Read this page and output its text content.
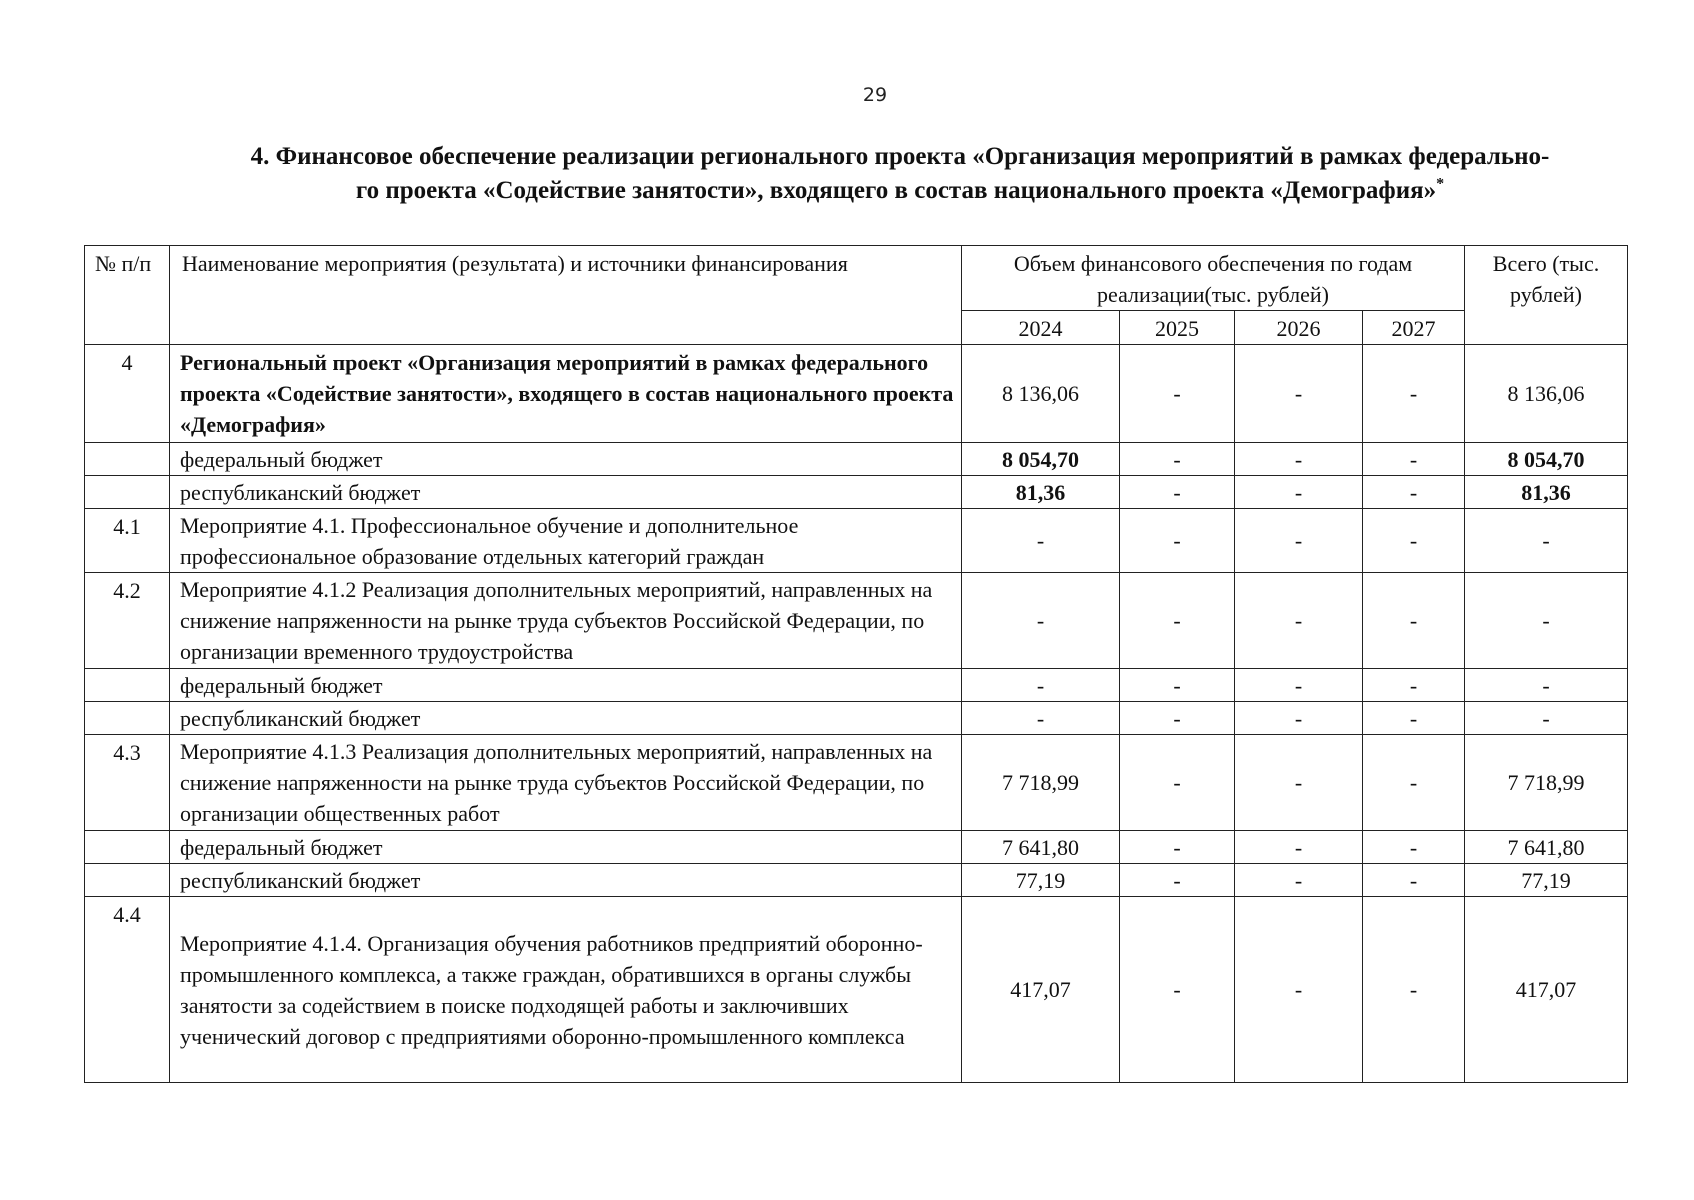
29
4. Финансовое обеспечение реализации регионального проекта «Организация мероприятий в рамках федерально-
го проекта «Содействие занятости», входящего в состав национального проекта «Демография»*
№ п/п	Наименование мероприятия (результата) и источники финансирования	Объем финансового обеспечения по годам реализации(тыс. рублей)				Всего (тыс. рублей)
		2024	2025	2026	2027	
4	Региональный проект «Организация мероприятий в рамках федерального проекта «Содействие занятости», входящего в состав национального проекта «Демография»	8 136,06	-	-	-	8 136,06
	федеральный бюджет	8 054,70	-	-	-	8 054,70
	республиканский бюджет	81,36	-	-	-	81,36
4.1	Мероприятие 4.1. Профессиональное обучение и дополнительное профессиональное образование отдельных категорий граждан	-	-	-	-	-
4.2	Мероприятие 4.1.2 Реализация дополнительных мероприятий, направленных на снижение напряженности на рынке труда субъектов Российской Федерации, по организации временного трудоустройства	-	-	-	-	-
	федеральный бюджет	-	-	-	-	-
	республиканский бюджет	-	-	-	-	-
4.3	Мероприятие 4.1.3 Реализация дополнительных мероприятий, направленных на снижение напряженности на рынке труда субъектов Российской Федерации, по организации общественных работ	7 718,99	-	-	-	7 718,99
	федеральный бюджет	7 641,80	-	-	-	7 641,80
	республиканский бюджет	77,19	-	-	-	77,19
4.4	Мероприятие 4.1.4. Организация обучения работников предприятий оборонно-промышленного комплекса, а также граждан, обратившихся в органы службы занятости за содействием в поиске подходящей работы и заключивших ученический договор с предприятиями оборонно-промышленного комплекса	417,07	-	-	-	417,07
